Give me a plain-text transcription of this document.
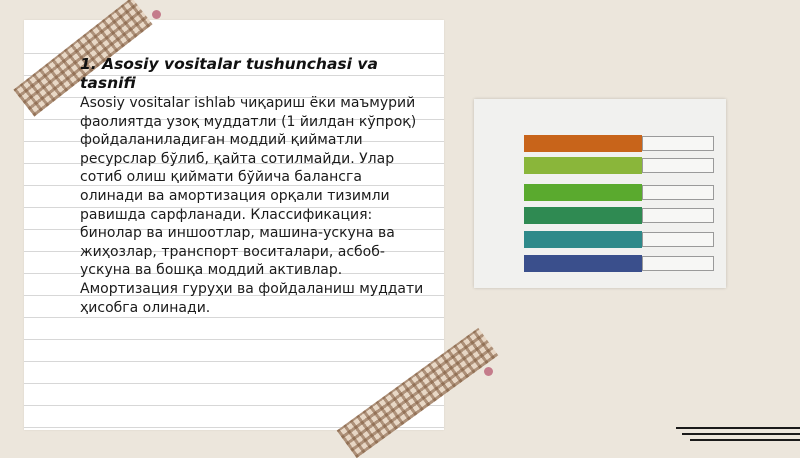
1. Asosiy vositalar tushunchasi va tasnifi

Asosiy vositalar ishlab чиқариш ёки маъмурий фаолиятда узоқ муддатли (1 йилдан кўпроқ) фойдаланиладиган моддий қийматли ресурслар бўлиб, қайта сотилмайди. Улар сотиб олиш қиймати бўйича балансга олинади ва амортизация орқали тизимли равишда сарфланади. Классификация: бинолар ва иншоотлар, машина-ускуна ва жиҳозлар, транспорт воситалари, асбоб-ускуна ва бошқа моддий активлар. Амортизация гуруҳи ва фойдаланиш муддати ҳисобга олинади.
